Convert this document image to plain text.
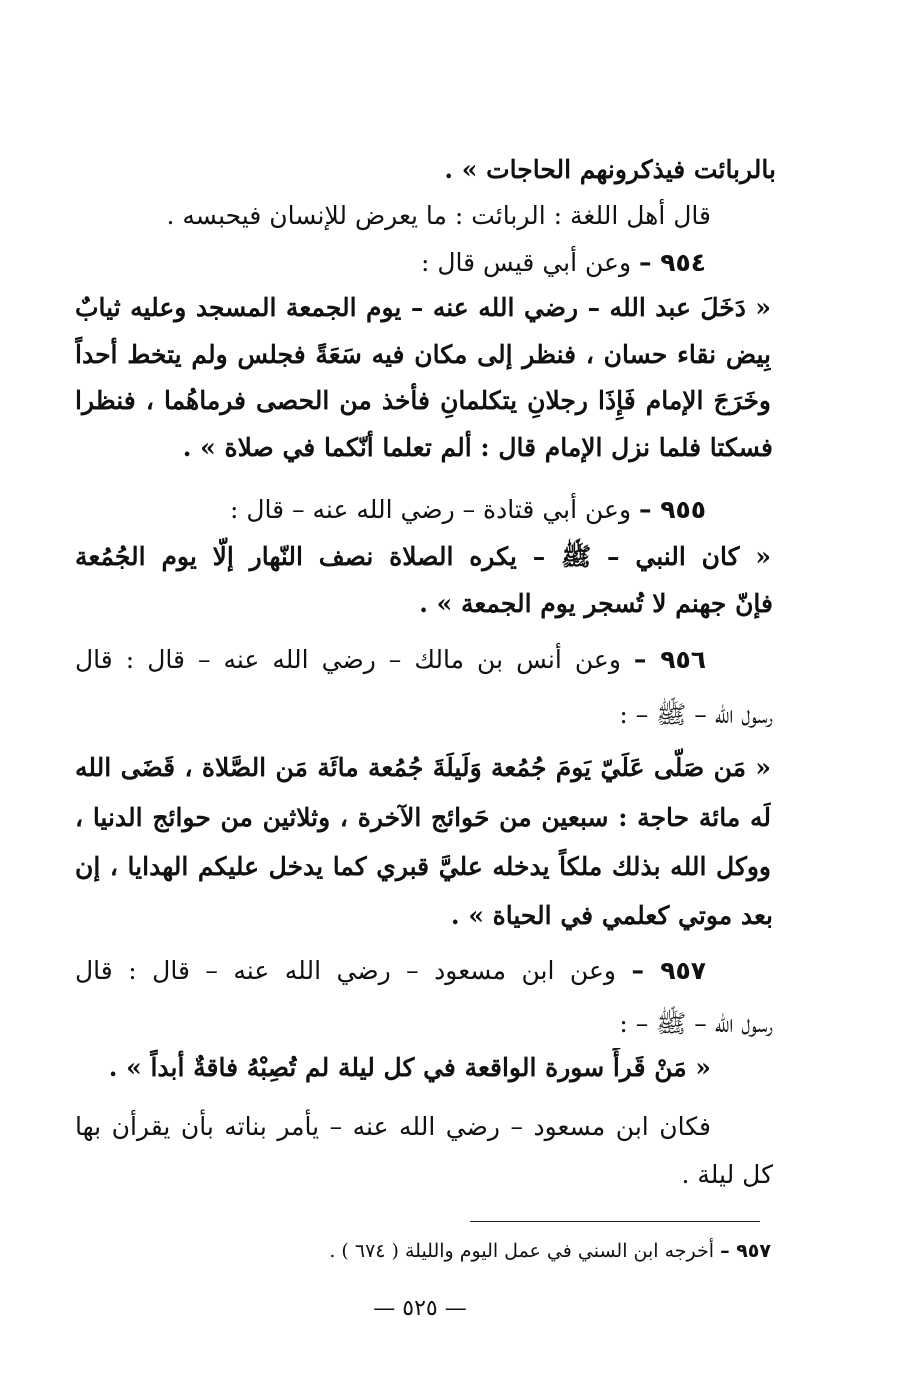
بالربائت فيذكرونهم الحاجات » .
قال أهل اللغة : الربائت : ما يعرض للإنسان فيحبسه .
٩٥٤ – وعن أبي قيس قال :
« دَخَلَ عبد الله – رضي الله عنه – يوم الجمعة المسجد وعليه ثيابٌ
بِيض نقاء حسان ، فنظر إلى مكان فيه سَعَةً فجلس ولم يتخط أحداً
وخَرَجَ الإمام فَإِذَا رجلانِ يتكلمانِ فأخذ من الحصى فرماهُما ، فنظرا
فسكتا فلما نزل الإمام قال : ألم تعلما أنّكما في صلاة » .
٩٥٥ – وعن أبي قتادة – رضي الله عنه – قال :
« كان النبي – ﷺ – يكره الصلاة نصف النّهار إلّا يوم الجُمُعة
فإنّ جهنم لا تُسجر يوم الجمعة » .
٩٥٦ – وعن أنس بن مالك – رضي الله عنه – قال : قال
رسول الله – ﷺ – :
« مَن صَلّى عَلَيّ يَومَ جُمُعة وَلَيلَةَ جُمُعة مائَة مَن الصَّلاة ، قَضَى الله
لَه مائة حاجة : سبعين من حَوائج الآخرة ، وثلاثين من حوائج الدنيا ،
ووكل الله بذلك ملكاً يدخله عليَّ قبري كما يدخل عليكم الهدايا ، إن
بعد موتي كعلمي في الحياة » .
٩٥٧ – وعن ابن مسعود – رضي الله عنه – قال : قال
رسول الله – ﷺ – :
« مَنْ قَرأَ سورة الواقعة في كل ليلة لم تُصِبْهُ فاقةٌ أبداً » .
فكان ابن مسعود – رضي الله عنه – يأمر بناته بأن يقرأن بها
كل ليلة .
٩٥٧ – أخرجه ابن السني في عمل اليوم والليلة ( ٦٧٤ ) .
— ٥٢٥ —
